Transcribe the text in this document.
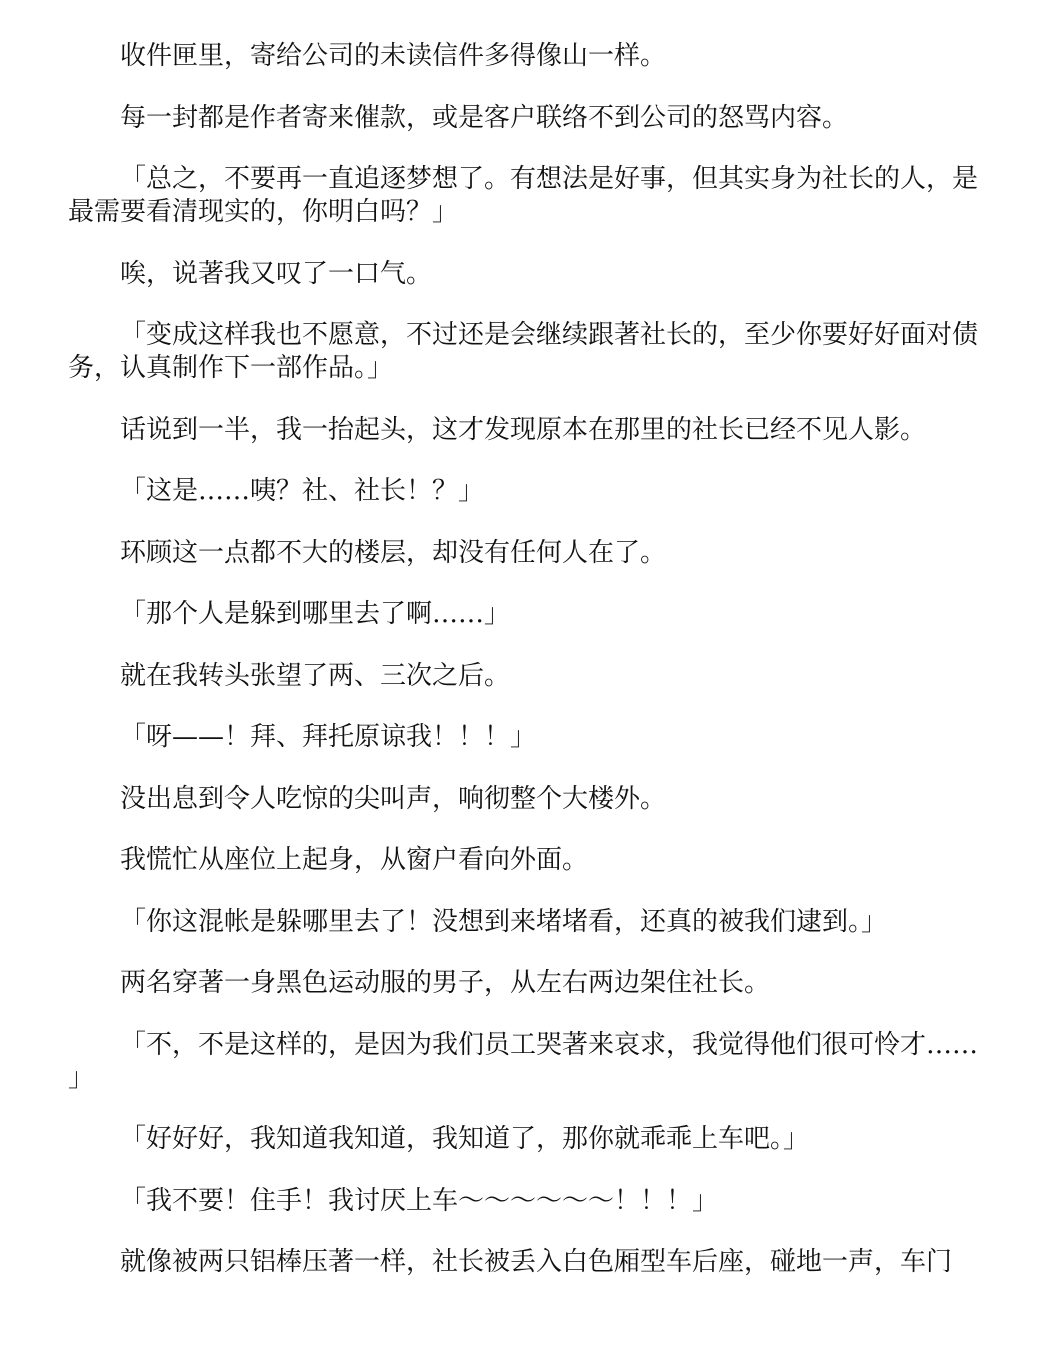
收件匣里，寄给公司的未读信件多得像山一样。

每一封都是作者寄来催款，或是客户联络不到公司的怒骂内容。

「总之，不要再一直追逐梦想了。有想法是好事，但其实身为社长的人，是最需要看清现实的，你明白吗？」

唉，说著我又叹了一口气。

「变成这样我也不愿意，不过还是会继续跟著社长的，至少你要好好面对债务，认真制作下一部作品。」

话说到一半，我一抬起头，这才发现原本在那里的社长已经不见人影。

「这是……咦？社、社长！？」

环顾这一点都不大的楼层，却没有任何人在了。

「那个人是躲到哪里去了啊……」

就在我转头张望了两、三次之后。

「呀——！拜、拜托原谅我！！！」

没出息到令人吃惊的尖叫声，响彻整个大楼外。

我慌忙从座位上起身，从窗户看向外面。

「你这混帐是躲哪里去了！没想到来堵堵看，还真的被我们逮到。」

两名穿著一身黑色运动服的男子，从左右两边架住社长。

「不，不是这样的，是因为我们员工哭著来哀求，我觉得他们很可怜才……」

「好好好，我知道我知道，我知道了，那你就乖乖上车吧。」

「我不要！住手！我讨厌上车～～～～～～！！！」

就像被两只铝棒压著一样，社长被丢入白色厢型车后座，碰地一声，车门
